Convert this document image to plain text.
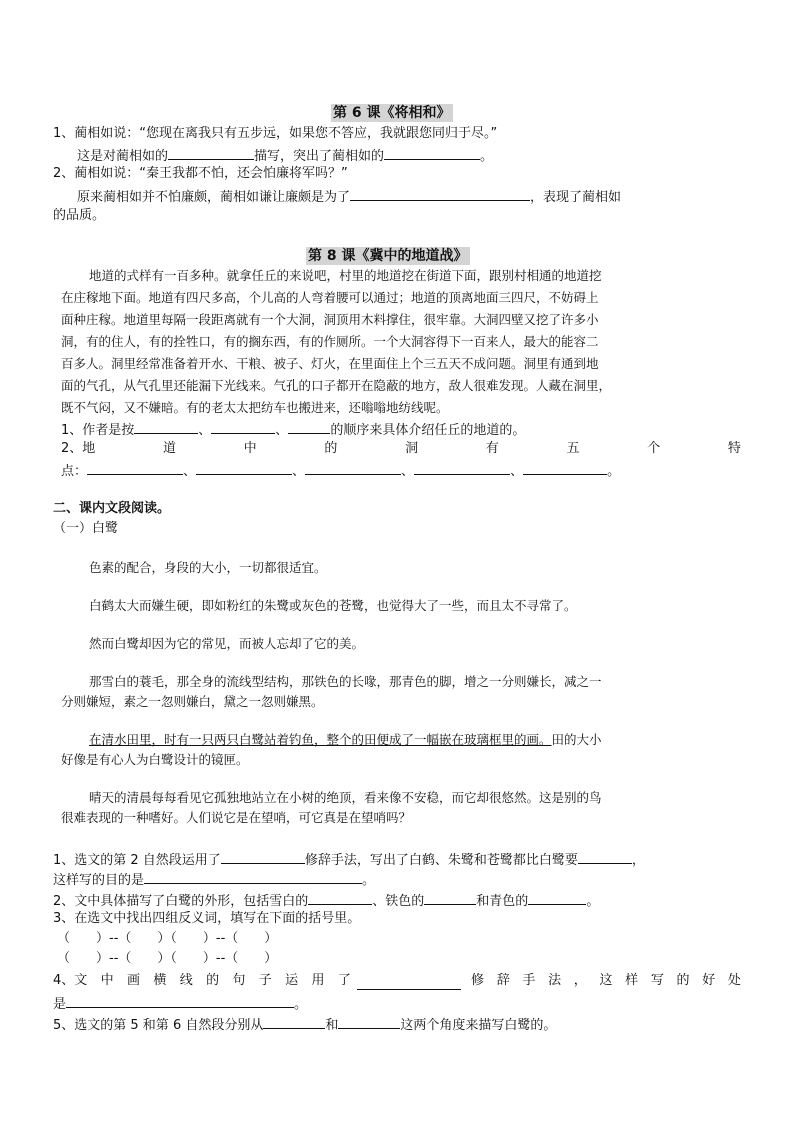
第 6 课《将相和》
1、蔺相如说：“您现在离我只有五步远，如果您不答应，我就跟您同归于尽。”
这是对蔺相如的	描写，突出了蔺相如的	。
2、蔺相如说：“秦王我都不怕，还会怕廉将军吗？”
原来蔺相如并不怕廉颇，蔺相如谦让廉颇是为了	，表现了蔺相如
的品质。
第 8 课《冀中的地道战》
地道的式样有一百多种。就拿任丘的来说吧，村里的地道挖在街道下面，跟别村相通的地道挖
在庄稼地下面。地道有四尺多高，个儿高的人弯着腰可以通过；地道的顶离地面三四尺，不妨碍上
面种庄稼。地道里每隔一段距离就有一个大洞，洞顶用木料撑住，很牢靠。大洞四壁又挖了许多小
洞，有的住人，有的拴牲口，有的搁东西，有的作厕所。一个大洞容得下一百来人，最大的能容二
百多人。洞里经常准备着开水、干粮、被子、灯火，在里面住上个三五天不成问题。洞里有通到地
面的气孔，从气孔里还能漏下光线来。气孔的口子都开在隐蔽的地方，敌人很难发现。人藏在洞里，
既不气闷，又不嫌暗。有的老太太把纺车也搬进来，还嗡嗡地纺线呢。
1、作者是按	、	、	的顺序来具体介绍任丘的地道的。
2、地	道	中	的	洞	有	五	个	特
点：	、	、	、	、	。
二、课内文段阅读。
（一）白鹭
色素的配合，身段的大小，一切都很适宜。
白鹤太大而嫌生硬，即如粉红的朱鹭或灰色的苍鹭，也觉得大了一些，而且太不寻常了。
然而白鹭却因为它的常见，而被人忘却了它的美。
那雪白的蓑毛，那全身的流线型结构，那铁色的长喙，那青色的脚，增之一分则嫌长，减之一
分则嫌短，素之一忽则嫌白，黛之一忽则嫌黑。
在清水田里，时有一只两只白鹭站着钓鱼，整个的田便成了一幅嵌在玻璃框里的画。田的大小
好像是有心人为白鹭设计的镜匣。
晴天的清晨每每看见它孤独地站立在小树的绝顶，看来像不安稳，而它却很悠然。这是别的鸟
很难表现的一种嗜好。人们说它是在望哨，可它真是在望哨吗？
1、选文的第 2 自然段运用了	修辞手法，写出了白鹤、朱鹭和苍鹭都比白鹭要	，
这样写的目的是	。
2、文中具体描写了白鹭的外形，包括雪白的	、铁色的	和青色的	。
3、在选文中找出四组反义词，填写在下面的括号里。
（　　）--（　　）（　　）--（　　）
（　　）--（　　）（　　）--（　　）
4、文 中 画 横 线 的 句 子 运 用 了	修 辞 手 法 ， 这 样 写 的 好 处
是	。
5、选文的第 5 和第 6 自然段分别从	和	这两个角度来描写白鹭的。
